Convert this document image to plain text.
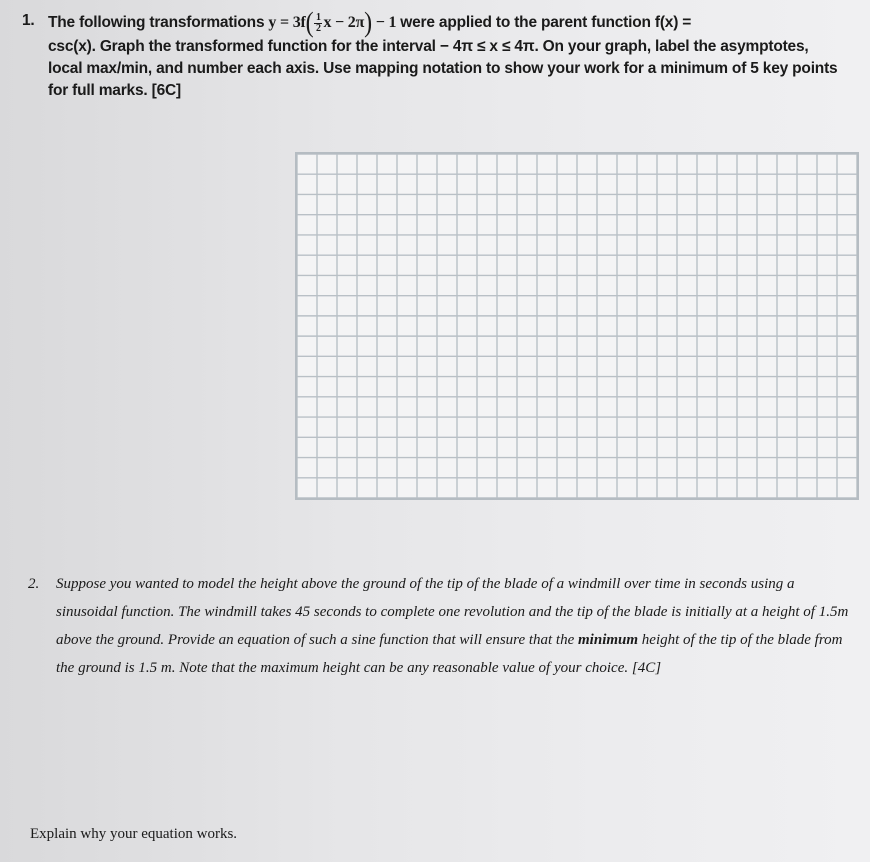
1. The following transformations y =
3f ( $\frac{1}{2}$ x − 2π )
− 1 were applied to the parent function f(x) =
csc(x). Graph the transformed function for the interval − 4π ≤ x ≤ 4π. On your graph, label the asymptotes, local max/min, and number each axis. Use mapping notation to show your work for a minimum of 5 key points for full marks. [6C]
2. Suppose you wanted to model the height above the ground of the tip of the blade of a windmill over time in seconds using a sinusoidal function. The windmill takes 45 seconds to complete one revolution and the tip of the blade is initially at a height of 1.5m above the ground. Provide an equation of such a sine function that will ensure that the minimum height of the tip of the blade from the ground is 1.5 m. Note that the maximum height can be any reasonable value of your choice. [4C]
Explain why your equation works.
